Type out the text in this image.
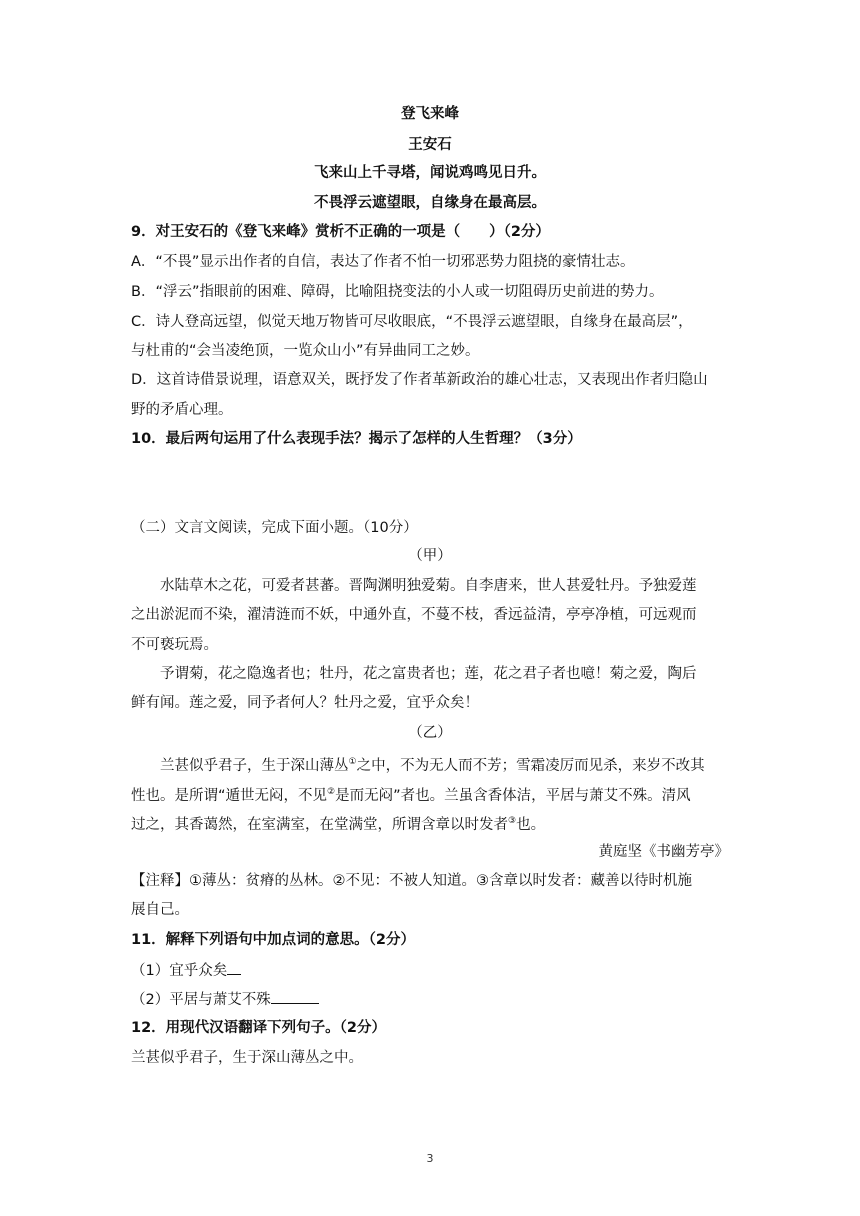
登飞来峰
王安石
飞来山上千寻塔，闻说鸡鸣见日升。
不畏浮云遮望眼，自缘身在最高层。
9．对王安石的《登飞来峰》赏析不正确的一项是（　　）（2分）
A．“不畏”显示出作者的自信，表达了作者不怕一切邪恶势力阻挠的豪情壮志。
B．“浮云”指眼前的困难、障碍，比喻阻挠变法的小人或一切阻碍历史前进的势力。
C．诗人登高远望，似觉天地万物皆可尽收眼底，“不畏浮云遮望眼，自缘身在最高层”，
与杜甫的“会当凌绝顶，一览众山小”有异曲同工之妙。
D．这首诗借景说理，语意双关，既抒发了作者革新政治的雄心壮志，又表现出作者归隐山
野的矛盾心理。
10．最后两句运用了什么表现手法？揭示了怎样的人生哲理？（3分）
（二）文言文阅读，完成下面小题。（10分）
（甲）
水陆草木之花，可爱者甚蕃。晋陶渊明独爱菊。自李唐来，世人甚爱牡丹。予独爱莲
之出淤泥而不染，濯清涟而不妖，中通外直，不蔓不枝，香远益清，亭亭净植，可远观而
不可亵玩焉。
予谓菊，花之隐逸者也；牡丹，花之富贵者也；莲，花之君子者也噫！菊之爱，陶后
鲜有闻。莲之爱，同予者何人？牡丹之爱，宜乎众矣！
（乙）
兰甚似乎君子，生于深山薄丛①之中，不为无人而不芳；雪霜凌厉而见杀，来岁不改其
性也。是所谓“遁世无闷，不见②是而无闷”者也。兰虽含香体洁，平居与萧艾不殊。清风
过之，其香蔼然，在室满室，在堂满堂，所谓含章以时发者③也。
黄庭坚《书幽芳亭》
【注释】①薄丛：贫瘠的丛林。②不见：不被人知道。③含章以时发者：藏善以待时机施
展自己。
11．解释下列语句中加点词的意思。（2分）
（1）宜乎众矣
（2）平居与萧艾不殊
12．用现代汉语翻译下列句子。（2分）
兰甚似乎君子，生于深山薄丛之中。
3
